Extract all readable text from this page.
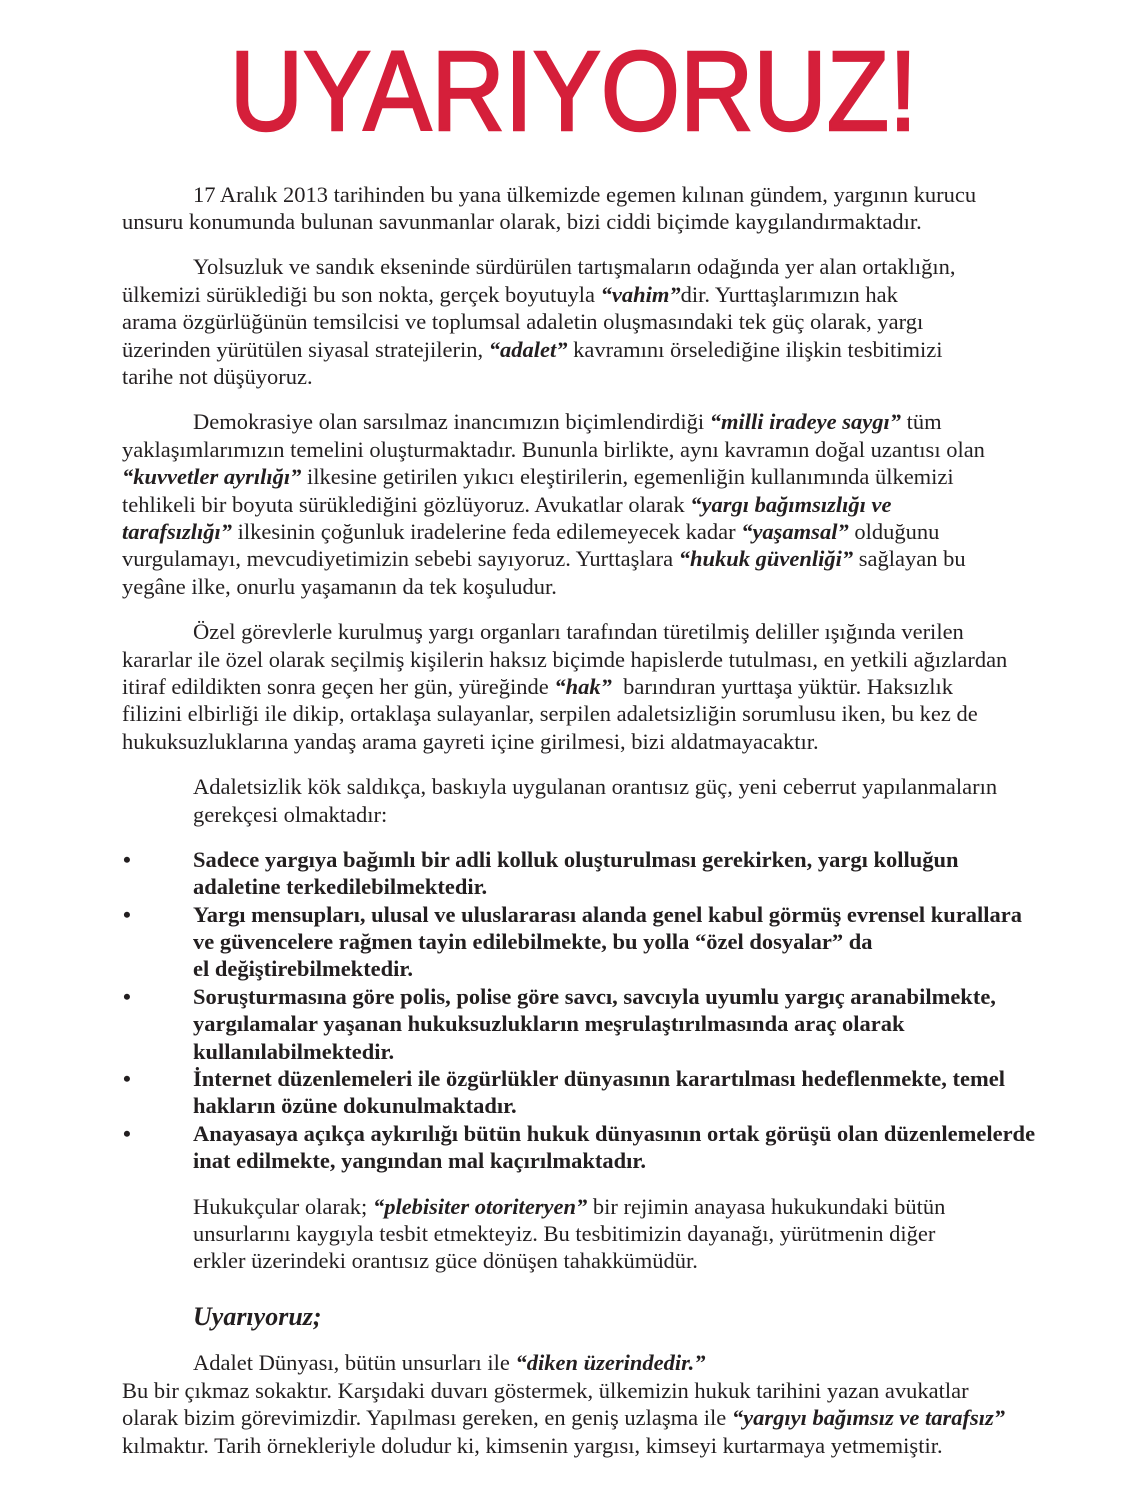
UYARIYORUZ!
17 Aralık 2013 tarihinden bu yana ülkemizde egemen kılınan gündem, yargının kurucu
unsuru konumunda bulunan savunmanlar olarak, bizi ciddi biçimde kaygılandırmaktadır.
Yolsuzluk ve sandık ekseninde sürdürülen tartışmaların odağında yer alan ortaklığın,
ülkemizi sürüklediği bu son nokta, gerçek boyutuyla “vahim”dir. Yurttaşlarımızın hak
arama özgürlüğünün temsilcisi ve toplumsal adaletin oluşmasındaki tek güç olarak, yargı
üzerinden yürütülen siyasal stratejilerin, “adalet” kavramını örselediğine ilişkin tesbitimizi
tarihe not düşüyoruz.
Demokrasiye olan sarsılmaz inancımızın biçimlendirdiği “milli iradeye saygı” tüm
yaklaşımlarımızın temelini oluşturmaktadır. Bununla birlikte, aynı kavramın doğal uzantısı olan
“kuvvetler ayrılığı” ilkesine getirilen yıkıcı eleştirilerin, egemenliğin kullanımında ülkemizi
tehlikeli bir boyuta sürüklediğini gözlüyoruz. Avukatlar olarak “yargı bağımsızlığı ve
tarafsızlığı” ilkesinin çoğunluk iradelerine feda edilemeyecek kadar “yaşamsal” olduğunu
vurgulamayı, mevcudiyetimizin sebebi sayıyoruz. Yurttaşlara “hukuk güvenliği” sağlayan bu
yegâne ilke, onurlu yaşamanın da tek koşuludur.
Özel görevlerle kurulmuş yargı organları tarafından türetilmiş deliller ışığında verilen
kararlar ile özel olarak seçilmiş kişilerin haksız biçimde hapislerde tutulması, en yetkili ağızlardan
itiraf edildikten sonra geçen her gün, yüreğinde “hak”  barındıran yurttaşa yüktür. Haksızlık
filizini elbirliği ile dikip, ortaklaşa sulayanlar, serpilen adaletsizliğin sorumlusu iken, bu kez de
hukuksuzluklarına yandaş arama gayreti içine girilmesi, bizi aldatmayacaktır.
Adaletsizlik kök saldıkça, baskıyla uygulanan orantısız güç, yeni ceberrut yapılanmaların
gerekçesi olmaktadır:
•	Sadece yargıya bağımlı bir adli kolluk oluşturulması gerekirken, yargı kolluğun
adaletine terkedilebilmektedir.
•	Yargı mensupları, ulusal ve uluslararası alanda genel kabul görmüş evrensel kurallara
ve güvencelere rağmen tayin edilebilmekte, bu yolla “özel dosyalar” da
el değiştirebilmektedir.
•	Soruşturmasına göre polis, polise göre savcı, savcıyla uyumlu yargıç aranabilmekte,
yargılamalar yaşanan hukuksuzlukların meşrulaştırılmasında araç olarak
kullanılabilmektedir.
•	İnternet düzenlemeleri ile özgürlükler dünyasının karartılması hedeflenmekte, temel
hakların özüne dokunulmaktadır.
•	Anayasaya açıkça aykırılığı bütün hukuk dünyasının ortak görüşü olan düzenlemelerde
inat edilmekte, yangından mal kaçırılmaktadır.
Hukukçular olarak; “plebisiter otoriteryen” bir rejimin anayasa hukukundaki bütün
unsurlarını kaygıyla tesbit etmekteyiz. Bu tesbitimizin dayanağı, yürütmenin diğer
erkler üzerindeki orantısız güce dönüşen tahakkümüdür.
Uyarıyoruz;
Adalet Dünyası, bütün unsurları ile “diken üzerindedir.”
Bu bir çıkmaz sokaktır. Karşıdaki duvarı göstermek, ülkemizin hukuk tarihini yazan avukatlar
olarak bizim görevimizdir. Yapılması gereken, en geniş uzlaşma ile “yargıyı bağımsız ve tarafsız”
kılmaktır. Tarih örnekleriyle doludur ki, kimsenin yargısı, kimseyi kurtarmaya yetmemiştir.
